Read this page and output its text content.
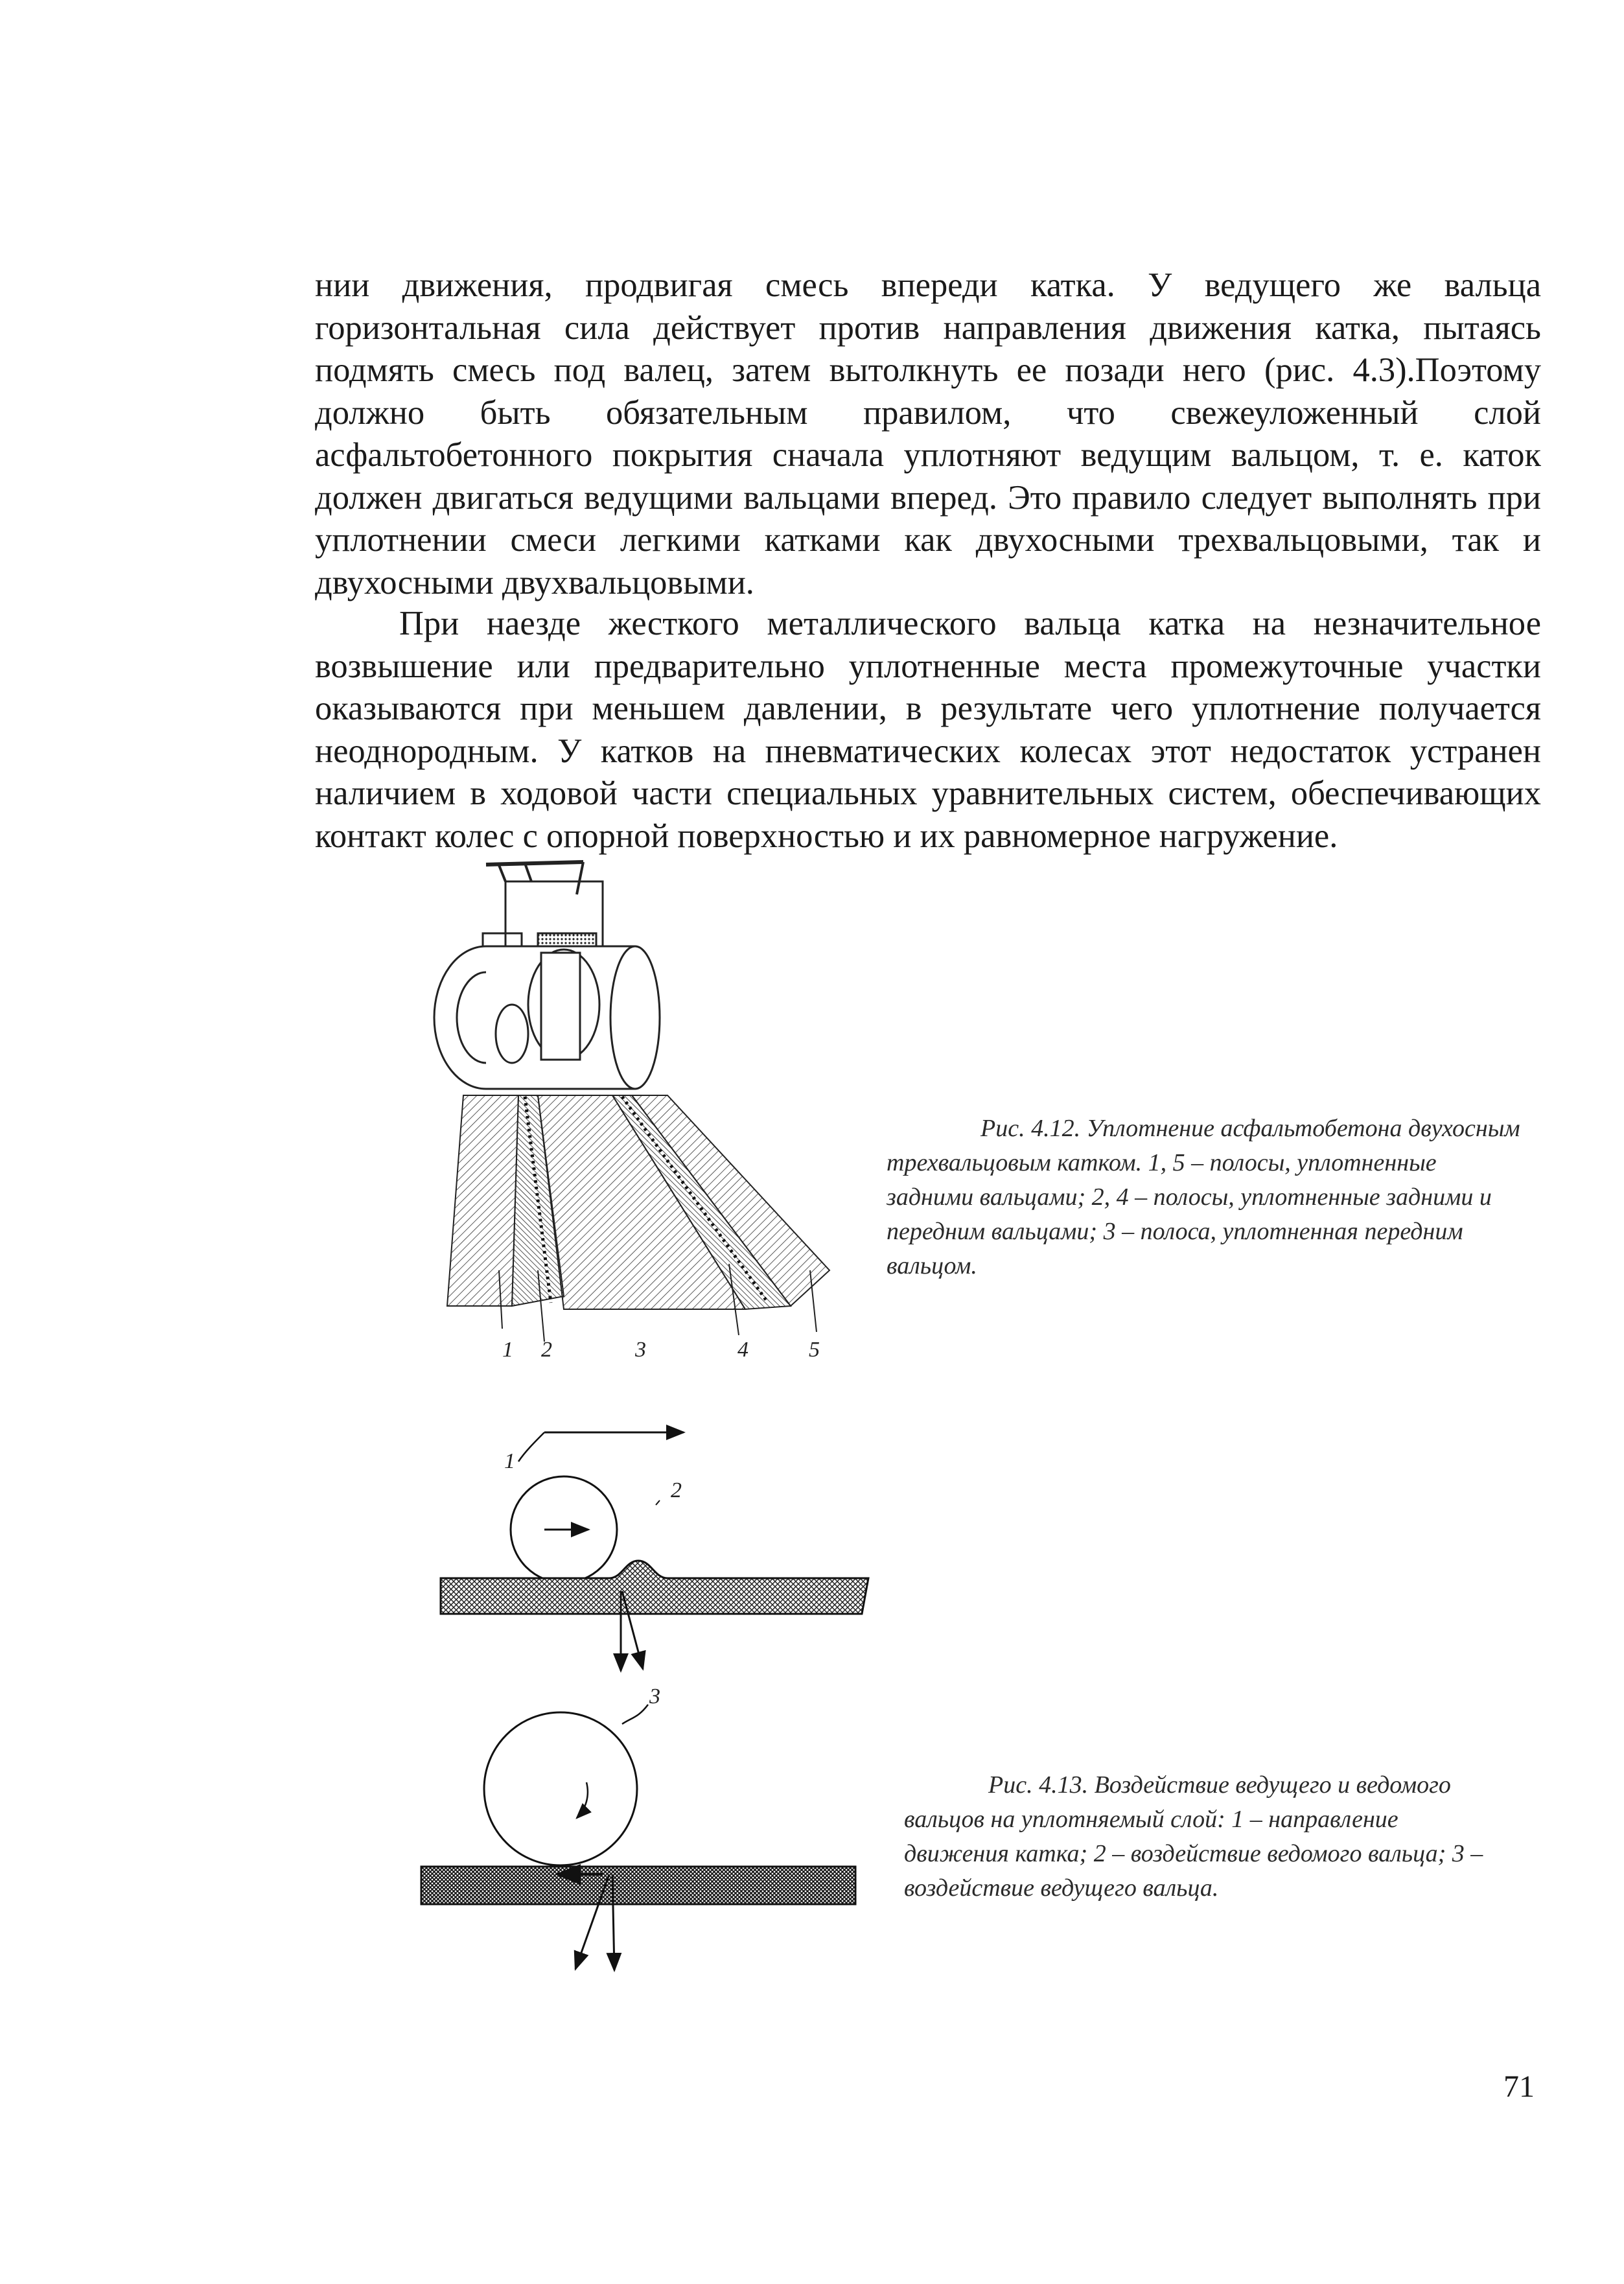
нии движения, продвигая смесь впереди катка. У ведущего же вальца горизонтальная сила действует против направления движения катка, пытаясь подмять смесь под валец, затем вытолкнуть ее позади него (рис. 4.3).Поэтому должно быть обязательным правилом, что свежеуложенный слой асфальтобетонного покрытия сначала уплотняют ведущим вальцом, т. е. каток должен двигаться ведущими вальцами вперед. Это правило следует выполнять при уплотнении смеси легкими катками как двухосными трехвальцовыми, так и двухосными двухвальцовыми.
При наезде жесткого металлического вальца катка на незначительное возвышение или предварительно уплотненные места промежуточные участки оказываются при меньшем давлении, в результате чего уплотнение получается неоднородным. У катков на пневматических колесах этот недостаток устранен наличием в ходовой части специальных уравнительных систем, обеспечивающих контакт колес с опорной поверхностью и их равномерное нагружение.
1 2	3	4	5
Рис. 4.12. Уплотнение асфальтобетона двухосным трехвальцовым катком. 1, 5 – полосы, уплотненные задними вальцами; 2, 4 – полосы, уплотненные задними и передним вальцами; 3 – полоса, уплотненная передним вальцом.
1
2
3
Рис. 4.13. Воздействие ведущего и ведомого вальцов на уплотняемый слой: 1 – направление движения катка; 2 – воздействие ведомого вальца; 3 – воздействие ведущего вальца.
71
